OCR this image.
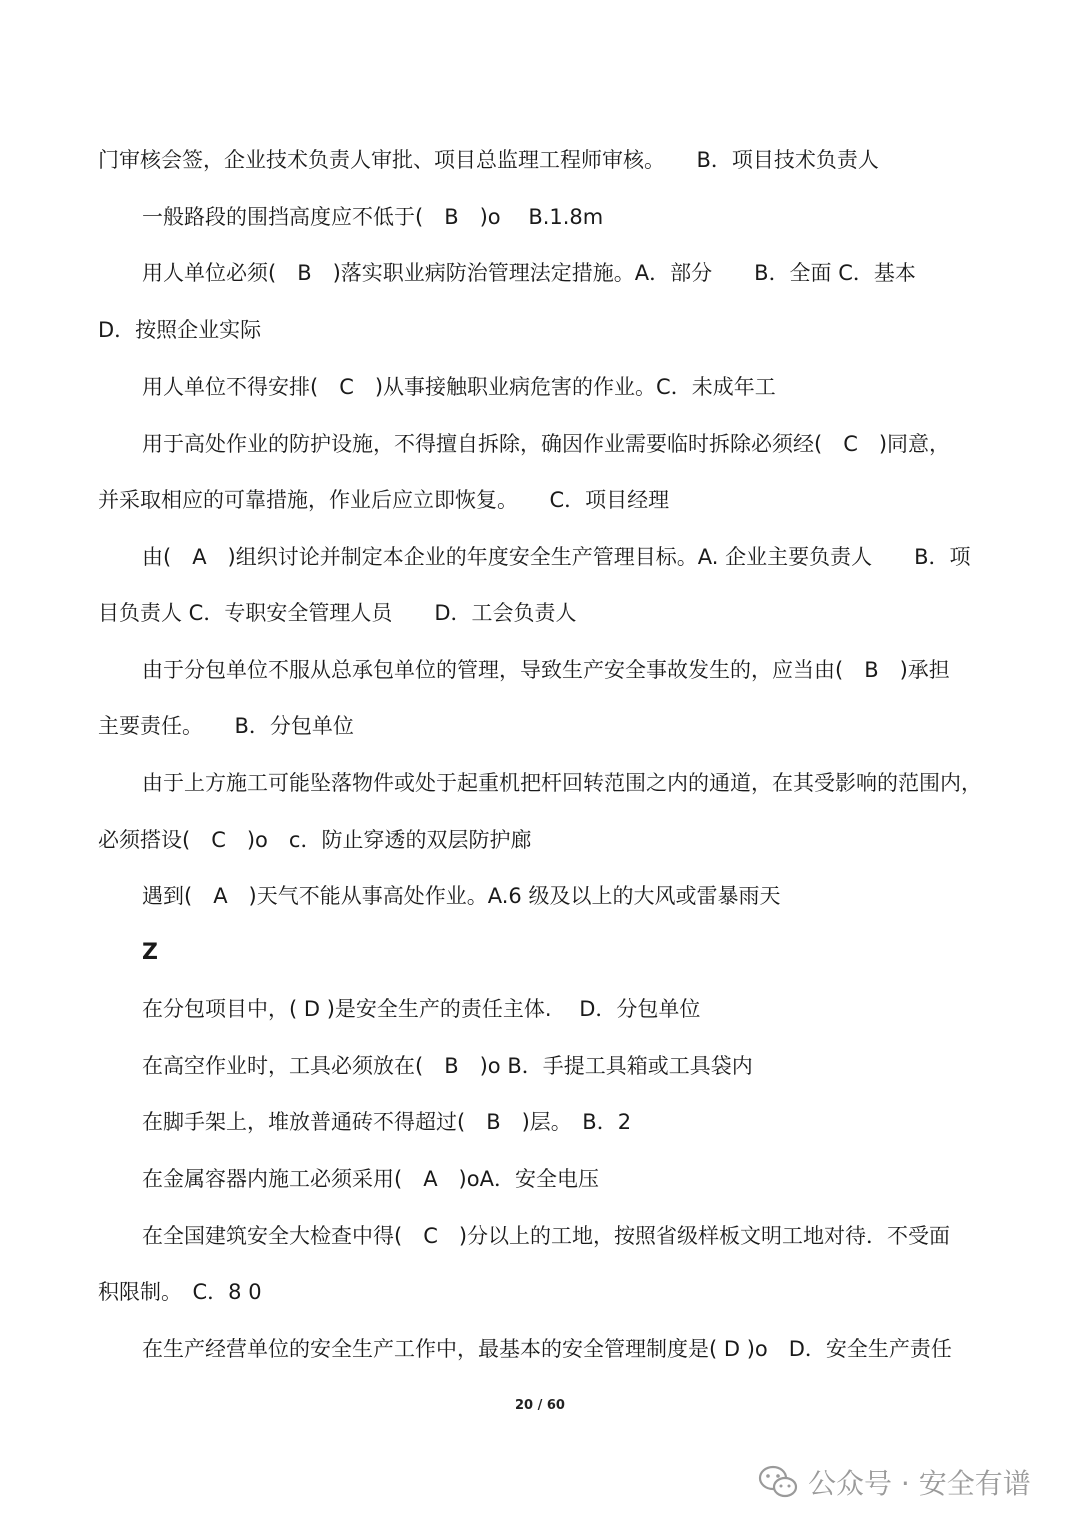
门审核会签，企业技术负责人审批、项目总监理工程师审核。　　B．项目技术负责人
一般路段的围挡高度应不低于(　B　)o　 B.1.8m
用人单位必须(　B　)落实职业病防治管理法定措施。A．部分　　B．全面 C．基本
D．按照企业实际
用人单位不得安排(　C　)从事接触职业病危害的作业。C．未成年工
用于高处作业的防护设施，不得擅自拆除，确因作业需要临时拆除必须经(　C　)同意，
并采取相应的可靠措施，作业后应立即恢复。　　C．项目经理
由(　A　)组织讨论并制定本企业的年度安全生产管理目标。A. 企业主要负责人　　B．项
目负责人 C．专职安全管理人员　　D．工会负责人
由于分包单位不服从总承包单位的管理，导致生产安全事故发生的，应当由(　B　)承担
主要责任。　　B．分包单位
由于上方施工可能坠落物件或处于起重机把杆回转范围之内的通道，在其受影响的范围内，
必须搭设(　C　)o　c．防止穿透的双层防护廊
遇到(　A　)天气不能从事高处作业。A.6 级及以上的大风或雷暴雨天
Z
在分包项目中，( D )是安全生产的责任主体.　 D．分包单位
在高空作业时，工具必须放在(　B　)o B．手提工具箱或工具袋内
在脚手架上，堆放普通砖不得超过(　B　)层。　B．2
在金属容器内施工必须采用(　A　)oA．安全电压
在全国建筑安全大检查中得(　C　)分以上的工地，按照省级样板文明工地对待．不受面
积限制。　C．8 0
在生产经营单位的安全生产工作中，最基本的安全管理制度是( D )o　D．安全生产责任
20 / 60
公众号 · 安全有谱
